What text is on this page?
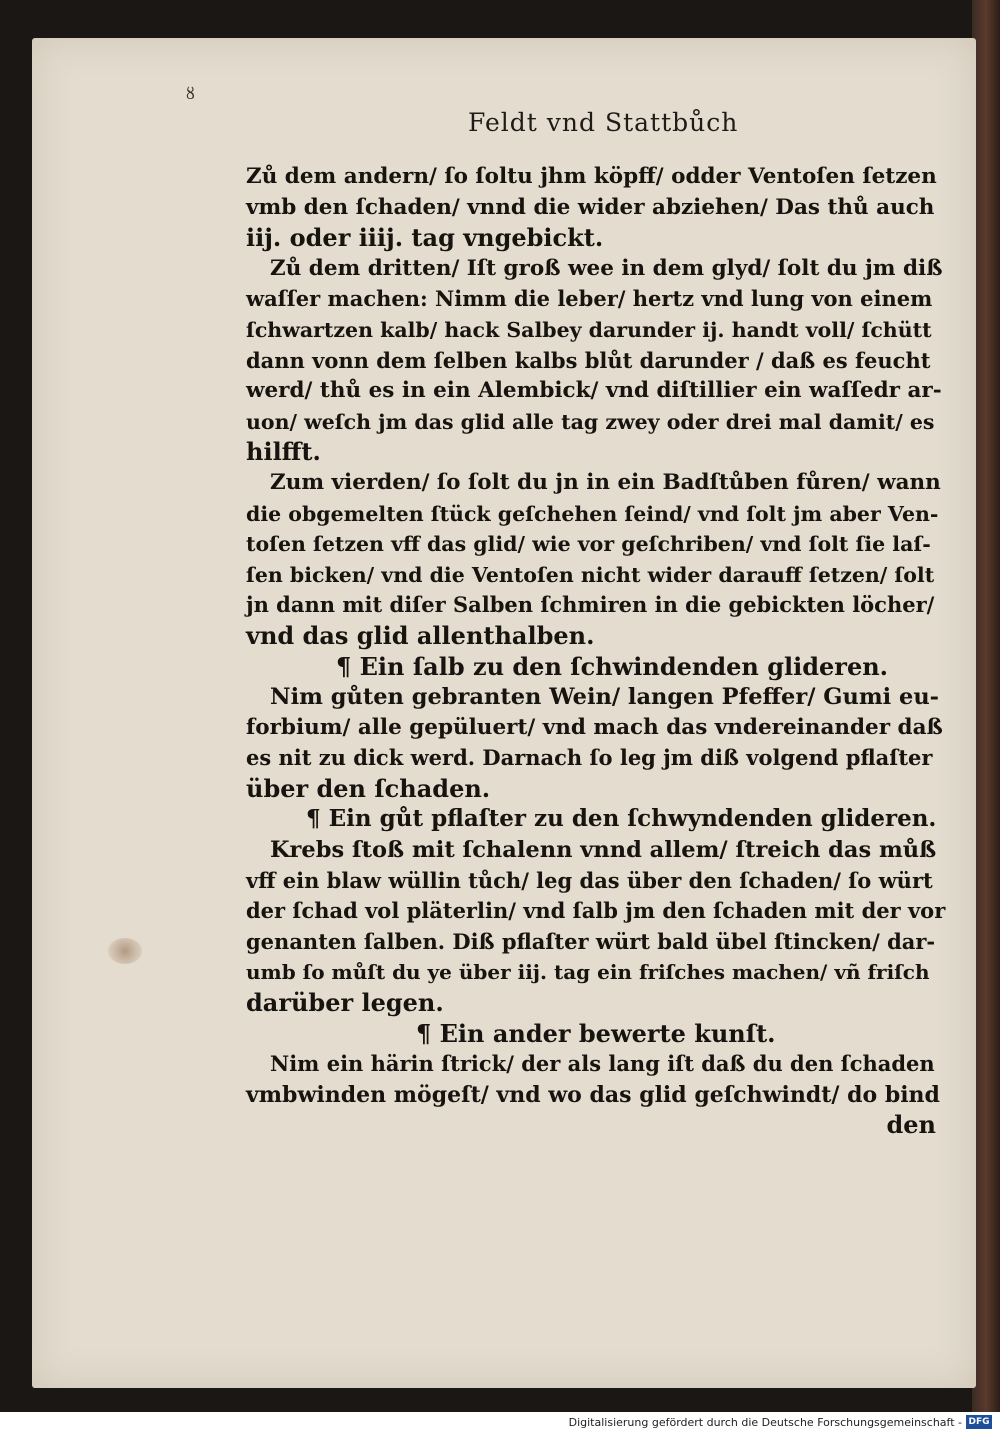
ȣ
Feldt vnd Stattbůch
Zů dem andern/ ſo ſoltu jhm köpff/ odder Ventoſen ſetzen
vmb den ſchaden/ vnnd die wider abziehen/ Das thů auch
iij. oder iiij. tag vngebickt.
Zů dem dritten/ Iſt groß wee in dem glyd/ ſolt du jm diß
waſſer machen: Nimm die leber/ hertz vnd lung von einem
ſchwartzen kalb/ hack Salbey darunder ij. handt voll/ ſchütt
dann vonn dem ſelben kalbs blůt darunder / daß es feucht
werd/ thů es in ein Alembick/ vnd diſtillier ein waſſedr ar-
uon/ weſch jm das glid alle tag zwey oder drei mal damit/ es
hilfft.
Zum vierden/ ſo ſolt du jn in ein Badſtůben fůren/ wann
die obgemelten ſtück geſchehen ſeind/ vnd ſolt jm aber Ven-
toſen ſetzen vff das glid/ wie vor geſchriben/ vnd ſolt ſie laſ-
ſen bicken/ vnd die Ventoſen nicht wider darauff ſetzen/ ſolt
jn dann mit diſer Salben ſchmiren in die gebickten löcher/
vnd das glid allenthalben.
¶ Ein ſalb zu den ſchwindenden glideren.
Nim gůten gebranten Wein/ langen Pfeffer/ Gumi eu-
forbium/ alle gepüluert/ vnd mach das vndereinander daß
es nit zu dick werd. Darnach ſo leg jm diß volgend pflaſter
über den ſchaden.
¶ Ein gůt pflaſter zu den ſchwyndenden glideren.
Krebs ſtoß mit ſchalenn vnnd allem/ ſtreich das můß
vff ein blaw wüllin tůch/ leg das über den ſchaden/ ſo würt
der ſchad vol pläterlin/ vnd ſalb jm den ſchaden mit der vor
genanten ſalben. Diß pflaſter würt bald übel ſtincken/ dar-
umb ſo můſt du ye über iij. tag ein friſches machen/ vñ friſch
darüber legen.
¶ Ein ander bewerte kunſt.
Nim ein härin ſtrick/ der als lang iſt daß du den ſchaden
vmbwinden mögeſt/ vnd wo das glid geſchwindt/ do bind
den
Digitalisierung gefördert durch die Deutsche Forschungsgemeinschaft - DFG
